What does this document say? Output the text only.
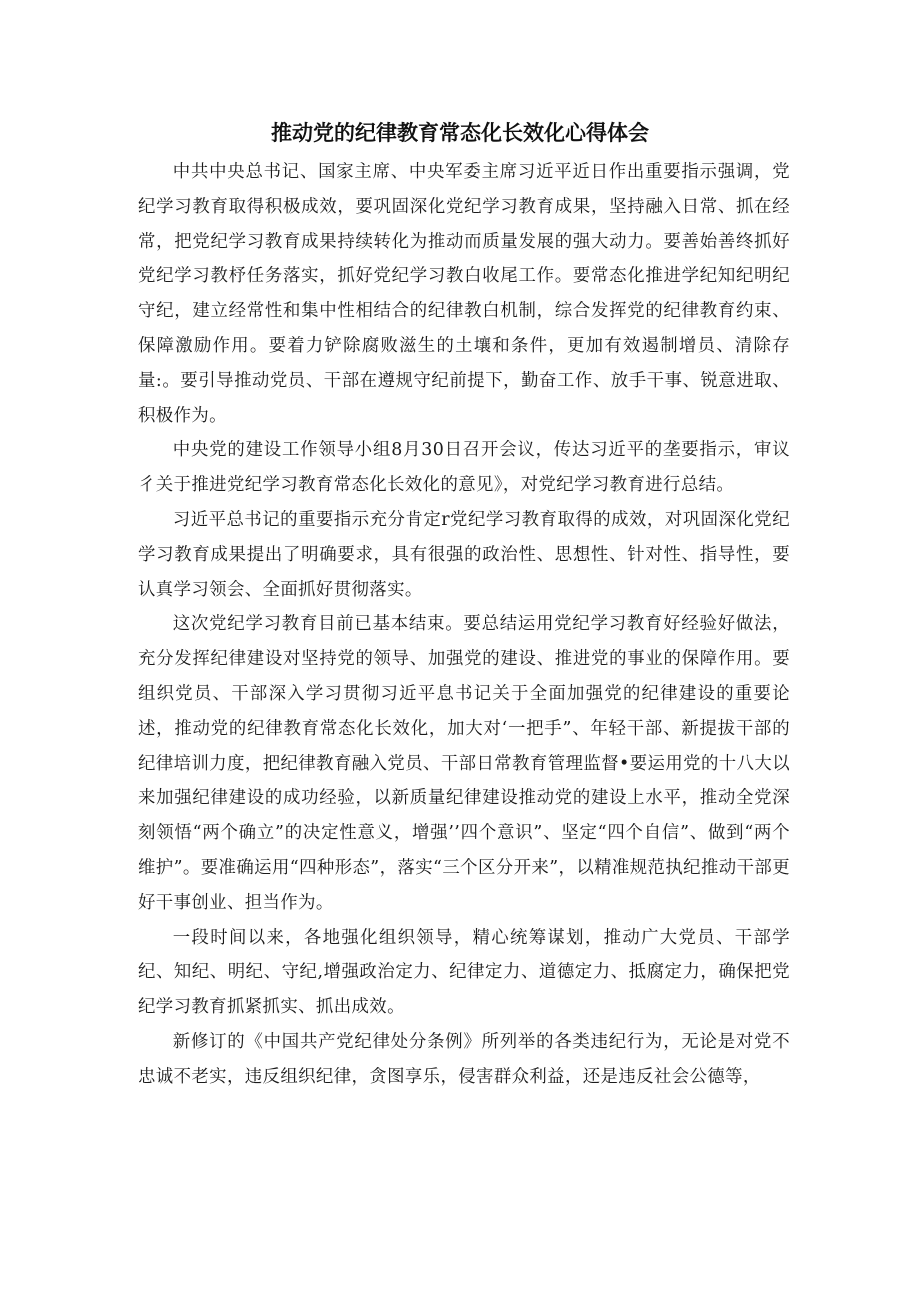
推动党的纪律教育常态化长效化心得体会

中共中央总书记、国家主席、中央军委主席习近平近日作出重要指示强调，党纪学习教育取得积极成效，要巩固深化党纪学习教育成果，坚持融入日常、抓在经常，把党纪学习教育成果持续转化为推动而质量发展的强大动力。要善始善终抓好党纪学习教杼任务落实，抓好党纪学习教白收尾工作。要常态化推进学纪知纪明纪守纪，建立经常性和集中性相结合的纪律教白机制，综合发挥党的纪律教育约束、保障激励作用。要着力铲除腐败滋生的土壤和条件，更加有效遏制增员、清除存量:。要引导推动党员、干部在遵规守纪前提下，勤奋工作、放手干事、锐意进取、积极作为。

中央党的建设工作领导小组8月30日召开会议，传达习近平的垄要指示，审议彳关于推进党纪学习教育常态化长效化的意见》，对党纪学习教育进行总结。

习近平总书记的重要指示充分肯定r党纪学习教育取得的成效，对巩固深化党纪学习教育成果提出了明确要求，具有很强的政治性、思想性、针对性、指导性，要认真学习领会、全面抓好贯彻落实。

这次党纪学习教育目前已基本结束。要总结运用党纪学习教育好经验好做法，充分发挥纪律建设对坚持党的领导、加强党的建设、推进党的事业的保障作用。要组织党员、干部深入学习贯彻习近平息书记关于全面加强党的纪律建设的重要论述，推动党的纪律教育常态化长效化，加大对‘一把手”、年轻干部、新提拔干部的纪律培训力度，把纪律教育融入党员、干部日常教育管理监督•要运用党的十八大以来加强纪律建设的成功经验，以新质量纪律建设推动党的建设上水平，推动全党深刻领悟“两个确立”的决定性意义，增强’’四个意识”、坚定“四个自信”、做到“两个维护”。要准确运用“四种形态”，落实“三个区分开来”，以精准规范执纪推动干部更好干事创业、担当作为。

一段时间以来，各地强化组织领导，精心统筹谋划，推动广大党员、干部学纪、知纪、明纪、守纪,增强政治定力、纪律定力、道德定力、抵腐定力，确保把党纪学习教育抓紧抓实、抓出成效。

新修订的《中国共产党纪律处分条例》所列举的各类违纪行为，无论是对党不忠诚不老实，违反组织纪律，贪图享乐，侵害群众利益，还是违反社会公德等，
